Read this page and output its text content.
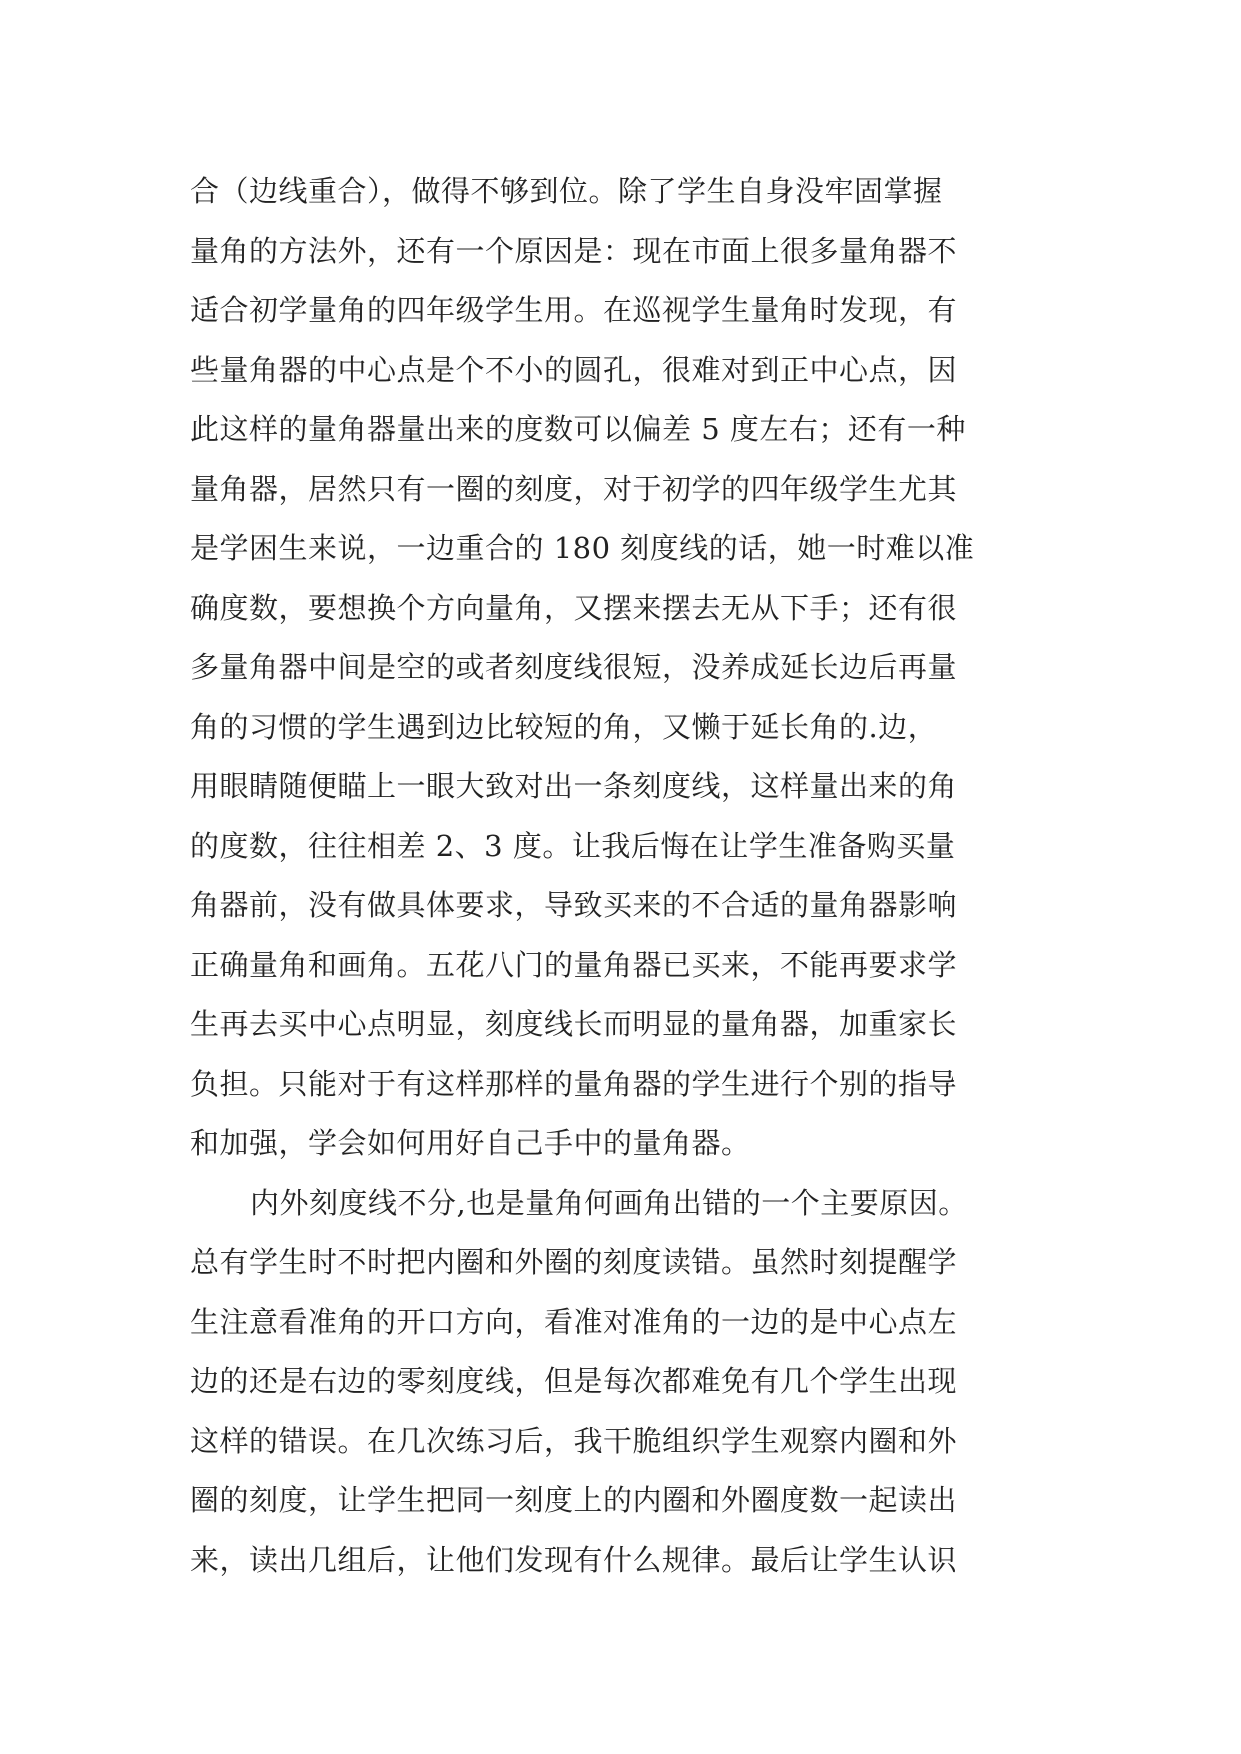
合（边线重合），做得不够到位。除了学生自身没牢固掌握
量角的方法外，还有一个原因是：现在市面上很多量角器不
适合初学量角的四年级学生用。在巡视学生量角时发现，有
些量角器的中心点是个不小的圆孔，很难对到正中心点，因
此这样的量角器量出来的度数可以偏差 5 度左右；还有一种
量角器，居然只有一圈的刻度，对于初学的四年级学生尤其
是学困生来说，一边重合的 180 刻度线的话，她一时难以准
确度数，要想换个方向量角，又摆来摆去无从下手；还有很
多量角器中间是空的或者刻度线很短，没养成延长边后再量
角的习惯的学生遇到边比较短的角，又懒于延长角的.边，
用眼睛随便瞄上一眼大致对出一条刻度线，这样量出来的角
的度数，往往相差 2、3 度。让我后悔在让学生准备购买量
角器前，没有做具体要求，导致买来的不合适的量角器影响
正确量角和画角。五花八门的量角器已买来，不能再要求学
生再去买中心点明显，刻度线长而明显的量角器，加重家长
负担。只能对于有这样那样的量角器的学生进行个别的指导
和加强，学会如何用好自己手中的量角器。
内外刻度线不分,也是量角何画角出错的一个主要原因。
总有学生时不时把内圈和外圈的刻度读错。虽然时刻提醒学
生注意看准角的开口方向，看准对准角的一边的是中心点左
边的还是右边的零刻度线，但是每次都难免有几个学生出现
这样的错误。在几次练习后，我干脆组织学生观察内圈和外
圈的刻度，让学生把同一刻度上的内圈和外圈度数一起读出
来，读出几组后，让他们发现有什么规律。最后让学生认识
